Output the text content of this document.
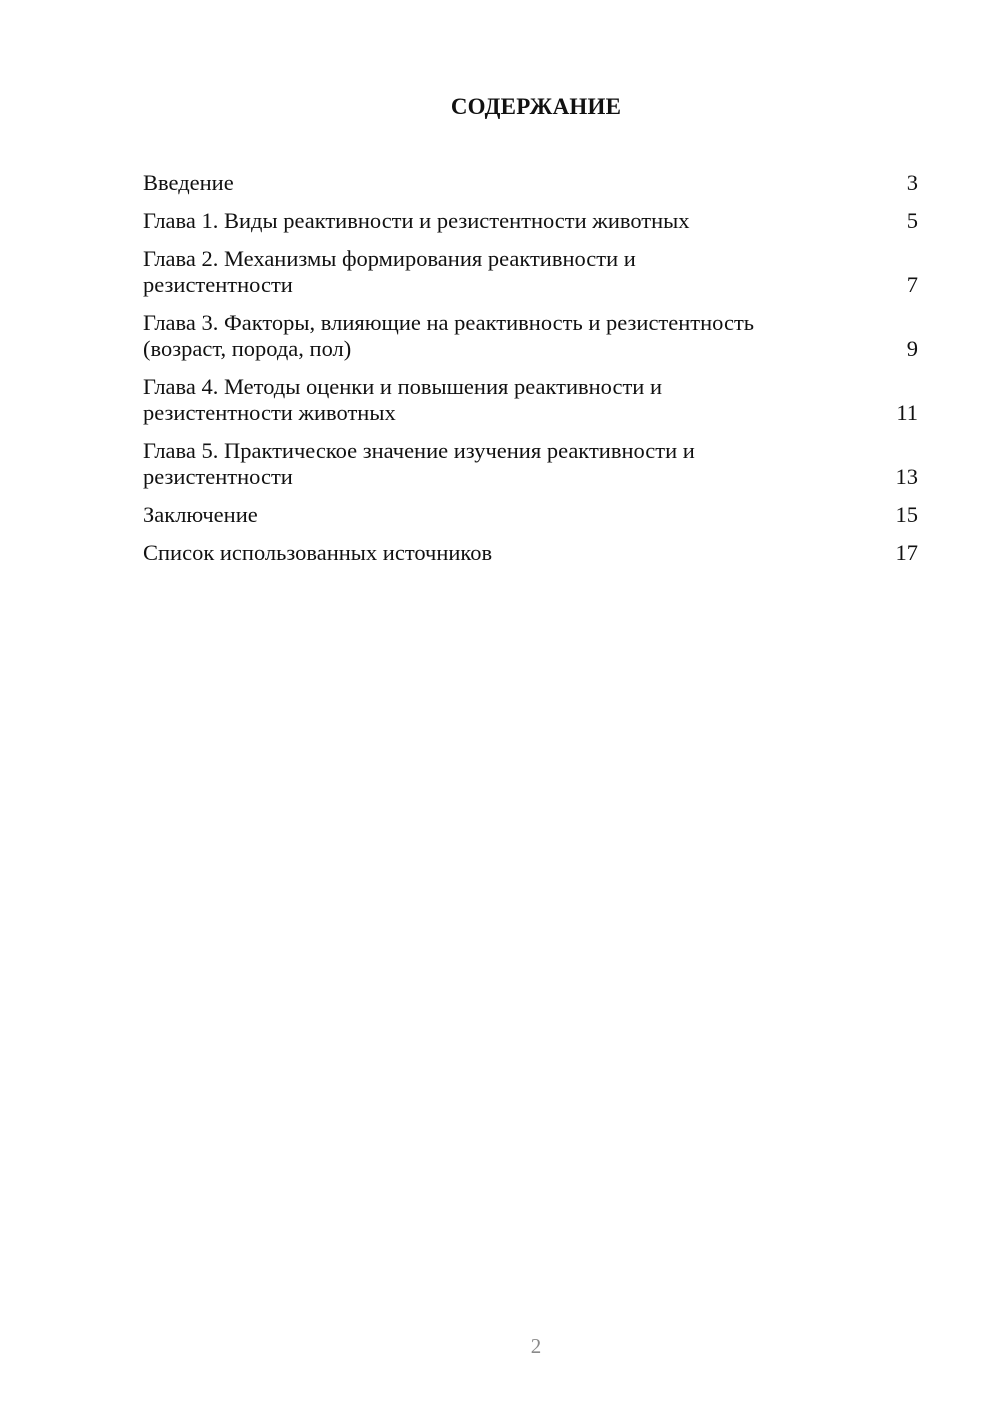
СОДЕРЖАНИЕ
Введение	3
Глава 1. Виды реактивности и резистентности животных	5
Глава 2. Механизмы формирования реактивности и резистентности	7
Глава 3. Факторы, влияющие на реактивность и резистентность (возраст, порода, пол)	9
Глава 4. Методы оценки и повышения реактивности и резистентности животных	11
Глава 5. Практическое значение изучения реактивности и резистентности	13
Заключение	15
Список использованных источников	17
2
